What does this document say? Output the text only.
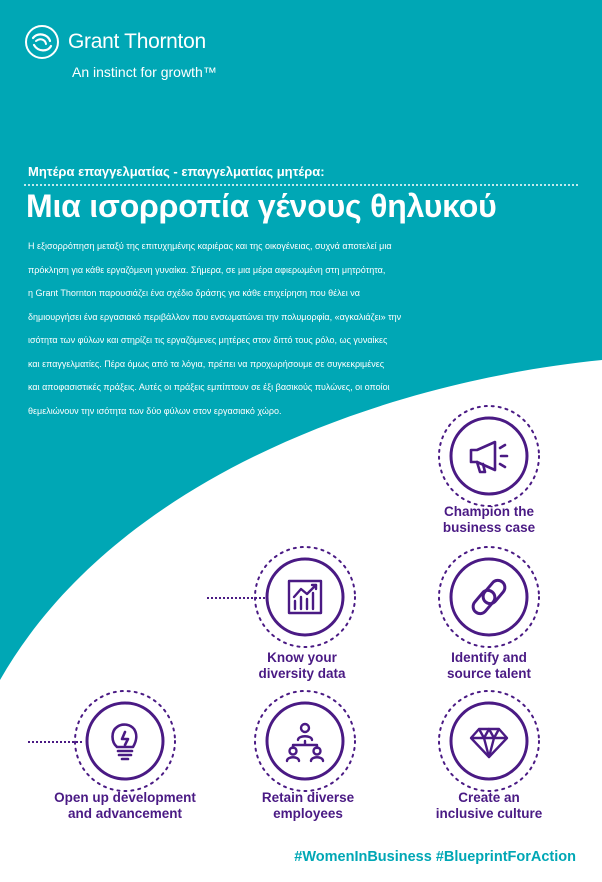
Grant Thornton
An instinct for growth™
Μητέρα επαγγελματίας - επαγγελματίας μητέρα:
Μια ισορροπία γένους θηλυκού

Η εξισορρόπηση μεταξύ της επιτυχημένης καριέρας και της οικογένειας, συχνά αποτελεί μια

πρόκληση για κάθε εργαζόμενη γυναίκα. Σήμερα, σε μια μέρα αφιερωμένη στη μητρότητα,

η Grant Thornton παρουσιάζει ένα σχέδιο δράσης για κάθε επιχείρηση που θέλει να

δημιουργήσει ένα εργασιακό περιβάλλον που ενσωματώνει την πολυμορφία, «αγκαλιάζει» την

ισότητα των φύλων και στηρίζει τις εργαζόμενες μητέρες στον διττό τους ρόλο, ως γυναίκες

και επαγγελματίες. Πέρα όμως από τα λόγια, πρέπει να προχωρήσουμε σε συγκεκριμένες

και αποφασιστικές πράξεις. Αυτές οι πράξεις εμπίπτουν σε έξι βασικούς πυλώνες, οι οποίοι

θεμελιώνουν την ισότητα των δύο φύλων στον εργασιακό χώρο.

Champion the
business case
Know your
diversity data
Identify and
source talent
Open up development
and advancement
Retain diverse
employees
Create an
inclusive culture
#WomenInBusiness #BlueprintForAction
